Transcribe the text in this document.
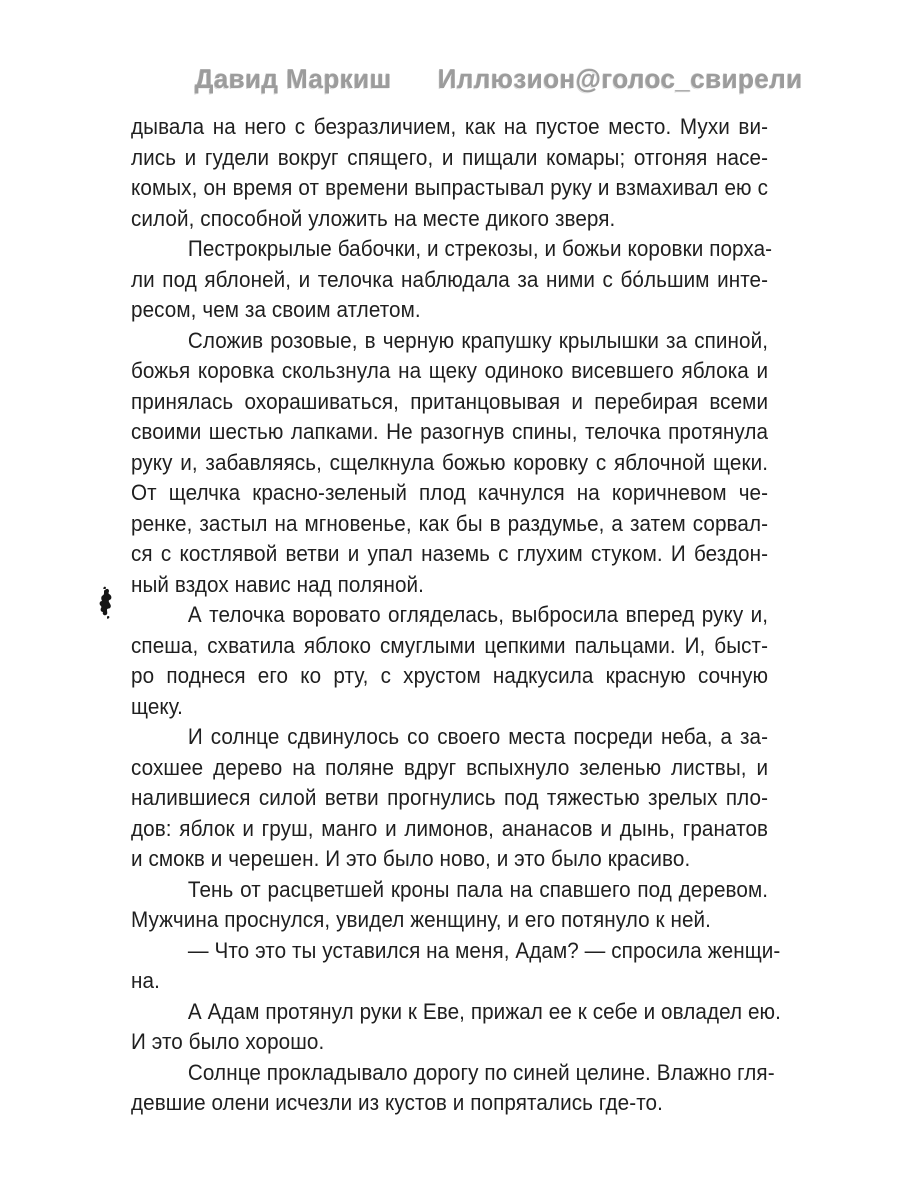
Давид Маркиш Иллюзион@голос_свирели
дывала на него с безразличием, как на пустое место. Мухи ви-
лись и гудели вокруг спящего, и пищали комары; отгоняя насе-
комых, он время от времени выпрастывал руку и взмахивал ею с
силой, способной уложить на месте дикого зверя.
Пестрокрылые бабочки, и стрекозы, и божьи коровки порха-
ли под яблоней, и телочка наблюдала за ними с бо́льшим инте-
ресом, чем за своим атлетом.
Сложив розовые, в черную крапушку крылышки за спиной,
божья коровка скользнула на щеку одиноко висевшего яблока и
принялась охорашиваться, пританцовывая и перебирая всеми
своими шестью лапками. Не разогнув спины, телочка протянула
руку и, забавляясь, сщелкнула божью коровку с яблочной щеки.
От щелчка красно-зеленый плод качнулся на коричневом че-
ренке, застыл на мгновенье, как бы в раздумье, а затем сорвал-
ся с костлявой ветви и упал наземь с глухим стуком. И бездон-
ный вздох навис над поляной.
А телочка воровато огляделась, выбросила вперед руку и,
спеша, схватила яблоко смуглыми цепкими пальцами. И, быст-
ро поднеся его ко рту, с хрустом надкусила красную сочную
щеку.
И солнце сдвинулось со своего места посреди неба, а за-
сохшее дерево на поляне вдруг вспыхнуло зеленью листвы, и
налившиеся силой ветви прогнулись под тяжестью зрелых пло-
дов: яблок и груш, манго и лимонов, ананасов и дынь, гранатов
и смокв и черешен. И это было ново, и это было красиво.
Тень от расцветшей кроны пала на спавшего под деревом.
Мужчина проснулся, увидел женщину, и его потянуло к ней.
— Что это ты уставился на меня, Адам? — спросила женщи-
на.
А Адам протянул руки к Еве, прижал ее к себе и овладел ею.
И это было хорошо.
Солнце прокладывало дорогу по синей целине. Влажно гля-
девшие олени исчезли из кустов и попрятались где-то.
